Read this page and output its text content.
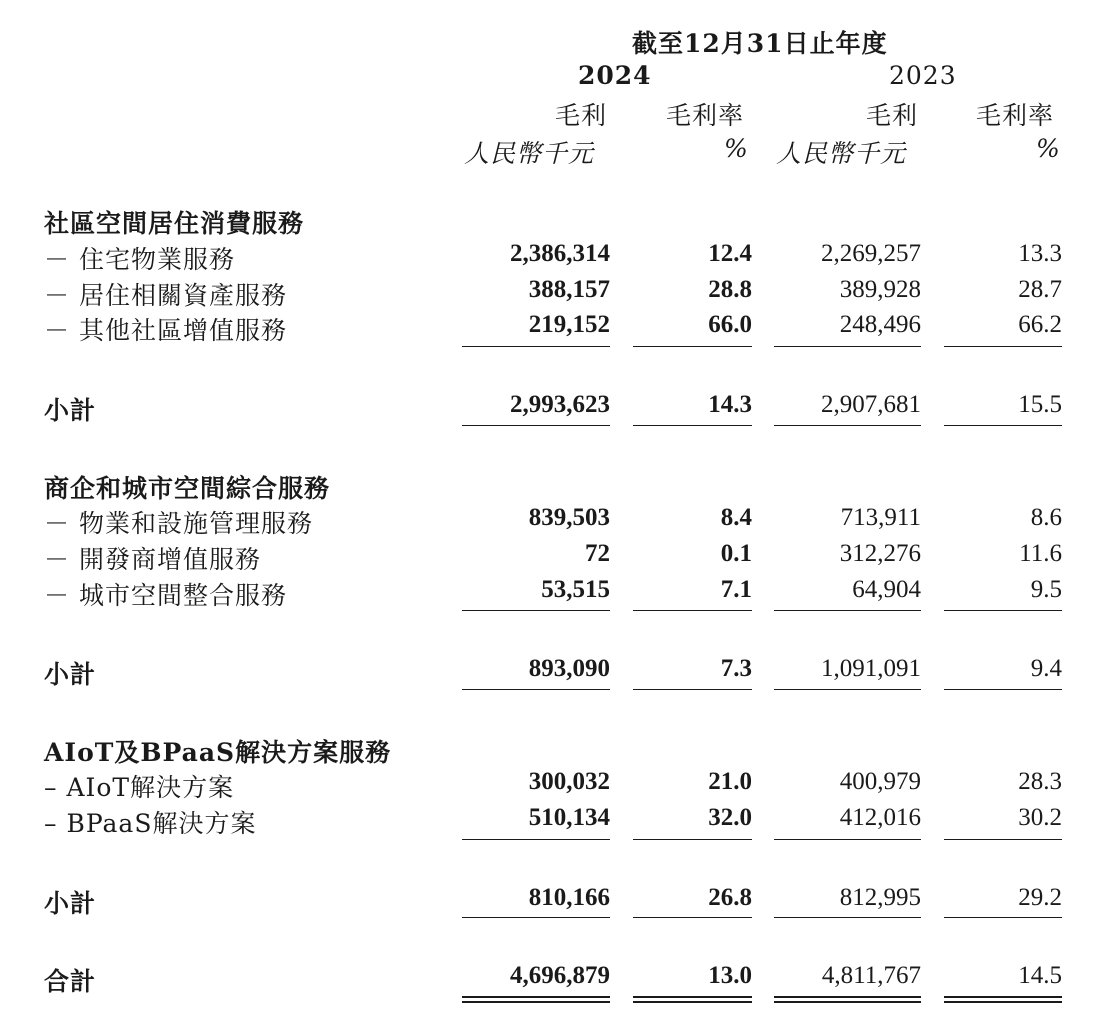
截至12月31日止年度
2024	2023
毛利 毛利率	毛利 毛利率
人民幣千元	% 人民幣千元	%
社區空間居住消費服務
－ 住宅物業服務	2,386,314	12.4	2,269,257	13.3
－ 居住相關資產服務	388,157	28.8	389,928	28.7
－ 其他社區增值服務	219,152	66.0	248,496	66.2
小計	2,993,623	14.3	2,907,681	15.5
商企和城市空間綜合服務
－ 物業和設施管理服務	839,503	8.4	713,911	8.6
－ 開發商增值服務	72	0.1	312,276	11.6
－ 城市空間整合服務	53,515	7.1	64,904	9.5
小計	893,090	7.3	1,091,091	9.4
AIoT及BPaaS解決方案服務
– AIoT解決方案	300,032	21.0	400,979	28.3
– BPaaS解決方案	510,134	32.0	412,016	30.2
小計	810,166	26.8	812,995	29.2
合計	4,696,879	13.0	4,811,767	14.5
